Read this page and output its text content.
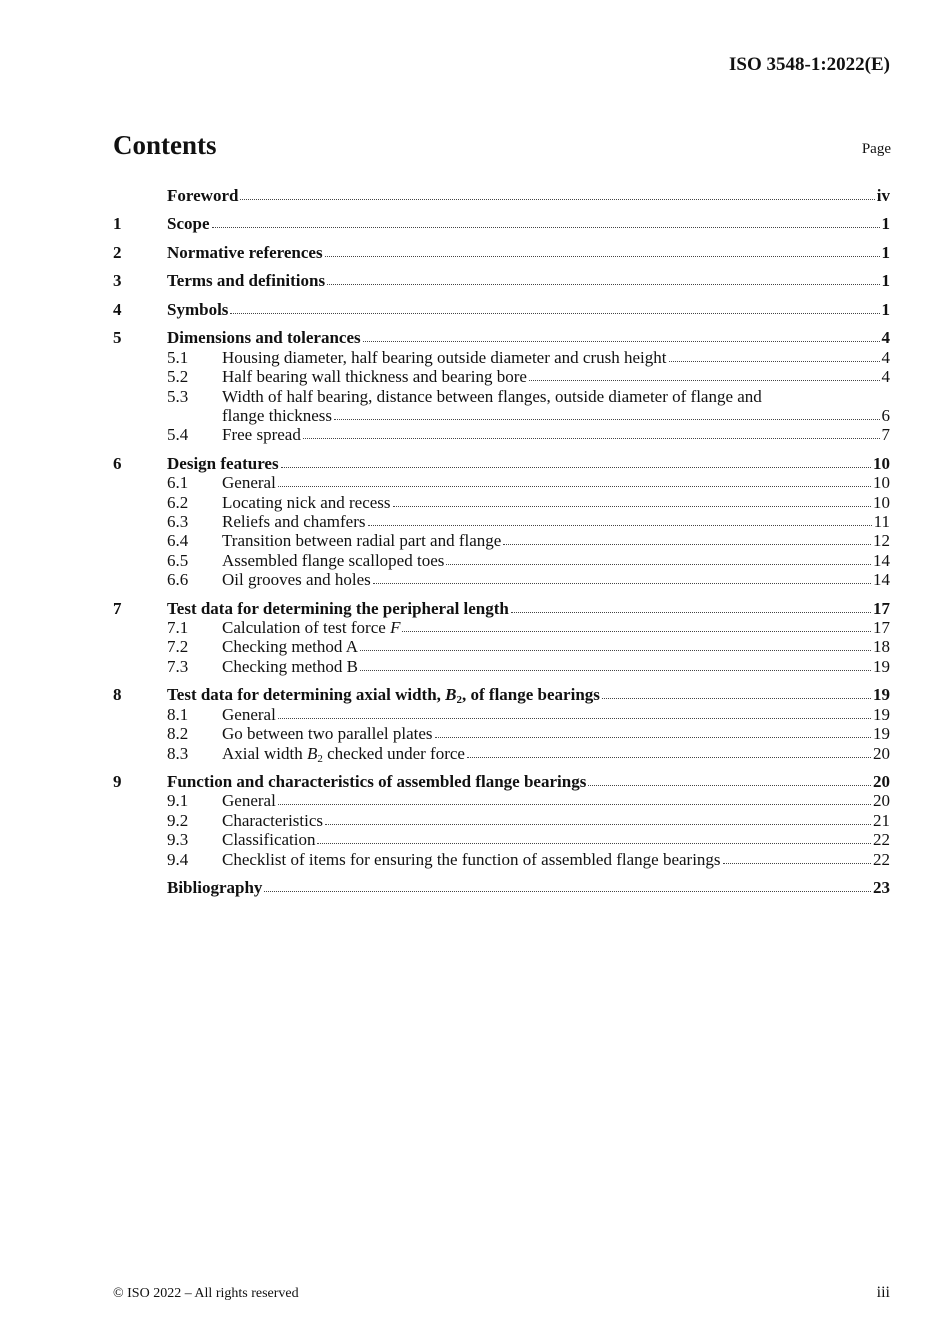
ISO 3548-1:2022(E)
Contents	Page
Foreword	iv
1	Scope	1
2	Normative references	1
3	Terms and definitions	1
4	Symbols	1
5	Dimensions and tolerances	4
5.1	Housing diameter, half bearing outside diameter and crush height	4
5.2	Half bearing wall thickness and bearing bore	4
5.3	Width of half bearing, distance between flanges, outside diameter of flange and
flange thickness	6
5.4	Free spread	7
6	Design features	10
6.1	General	10
6.2	Locating nick and recess	10
6.3	Reliefs and chamfers	11
6.4	Transition between radial part and flange	12
6.5	Assembled flange scalloped toes	14
6.6	Oil grooves and holes	14
7	Test data for determining the peripheral length	17
7.1	Calculation of test force F	17
7.2	Checking method A	18
7.3	Checking method B	19
8	Test data for determining axial width, $B_2$, of flange bearings	19
8.1	General	19
8.2	Go between two parallel plates	19
8.3	Axial width $B_2$ checked under force	20
9	Function and characteristics of assembled flange bearings	20
9.1	General	20
9.2	Characteristics	21
9.3	Classification	22
9.4	Checklist of items for ensuring the function of assembled flange bearings	22
Bibliography	23
© ISO 2022 – All rights reserved	iii
